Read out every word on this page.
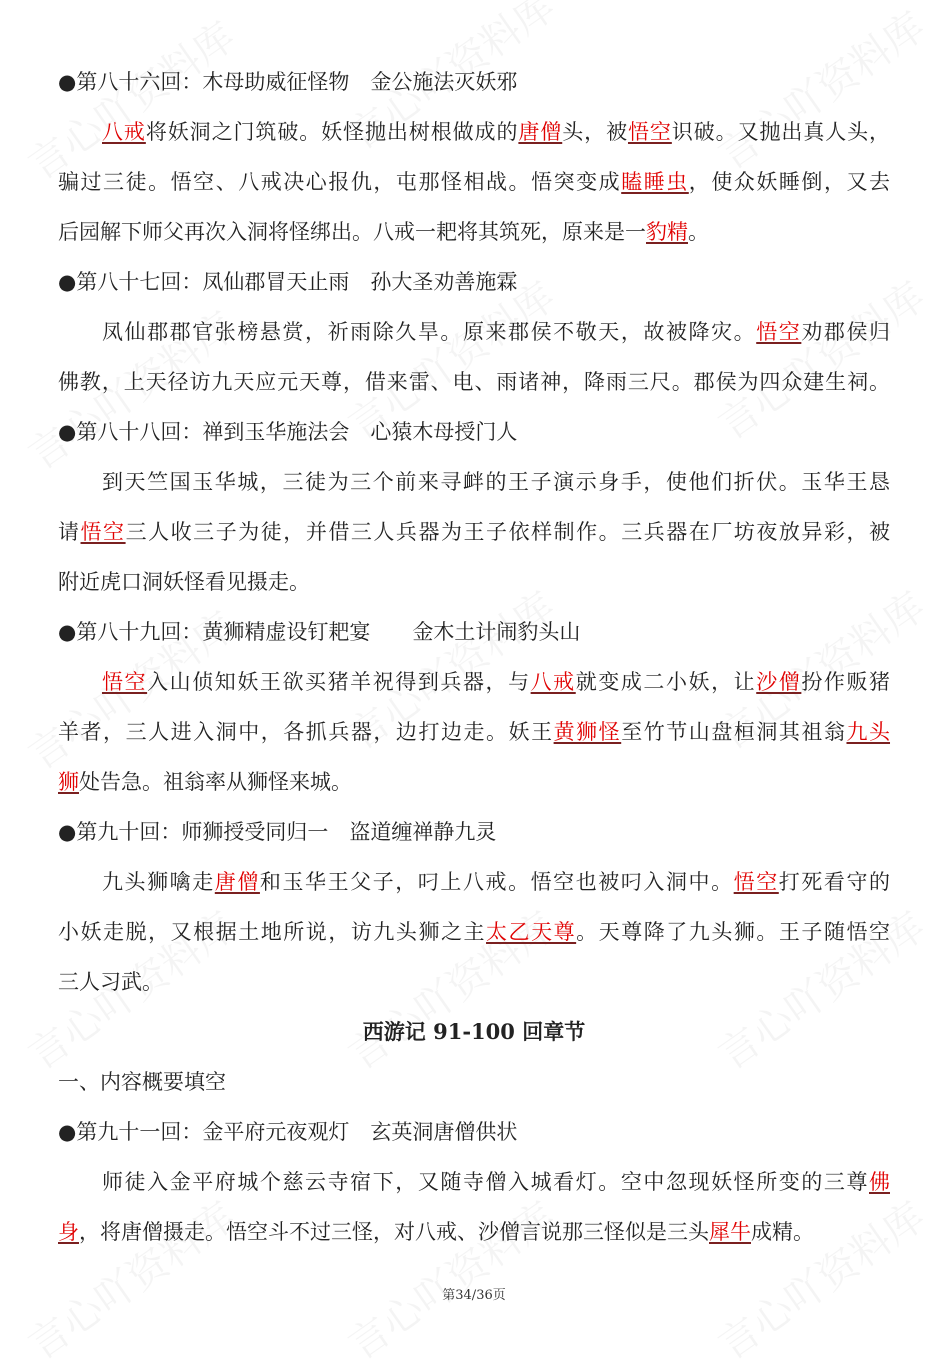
●第八十六回：木母助威征怪物　金公施法灭妖邪
八戒将妖洞之门筑破。妖怪抛出树根做成的唐僧头，被悟空识破。又抛出真人头，
骗过三徒。悟空、八戒决心报仇，屯那怪相战。悟突变成瞌睡虫，使众妖睡倒，又去
后园解下师父再次入洞将怪绑出。八戒一耙将其筑死，原来是一豹精。
●第八十七回：凤仙郡冒天止雨　孙大圣劝善施霖
凤仙郡郡官张榜悬赏，祈雨除久旱。原来郡侯不敬天，故被降灾。悟空劝郡侯归
佛教，上天径访九天应元天尊，借来雷、电、雨诸神，降雨三尺。郡侯为四众建生祠。
●第八十八回：禅到玉华施法会　心猿木母授门人
到天竺国玉华城，三徒为三个前来寻衅的王子演示身手，使他们折伏。玉华王恳
请悟空三人收三子为徒，并借三人兵器为王子依样制作。三兵器在厂坊夜放异彩，被
附近虎口洞妖怪看见摄走。
●第八十九回：黄狮精虚设钉耙宴　　金木土计闹豹头山
悟空入山侦知妖王欲买猪羊祝得到兵器，与八戒就变成二小妖，让沙僧扮作贩猪
羊者，三人进入洞中，各抓兵器，边打边走。妖王黄狮怪至竹节山盘桓洞其祖翁九头
狮处告急。祖翁率从狮怪来城。
●第九十回：师狮授受同归一　盗道缠禅静九灵
九头狮噙走唐僧和玉华王父子，叼上八戒。悟空也被叼入洞中。悟空打死看守的
小妖走脱，又根据土地所说，访九头狮之主太乙天尊。天尊降了九头狮。王子随悟空
三人习武。
西游记 91-100 回章节
一、内容概要填空
●第九十一回：金平府元夜观灯　玄英洞唐僧供状
师徒入金平府城个慈云寺宿下，又随寺僧入城看灯。空中忽现妖怪所变的三尊佛
身，将唐僧摄走。悟空斗不过三怪，对八戒、沙僧言说那三怪似是三头犀牛成精。
第34/36页
